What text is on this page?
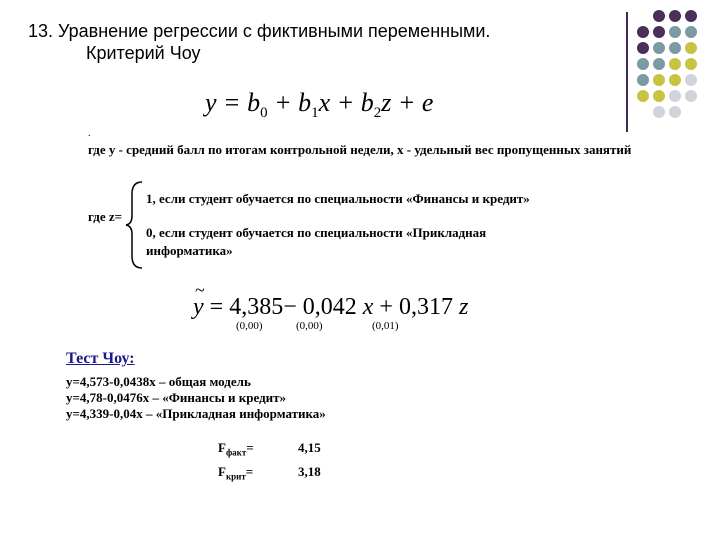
13. Уравнение регрессии с фиктивными переменными.
Критерий Чоу
$y = b_0 + b_1x + b_2z + e$
.
где y - средний балл по итогам контрольной недели, x - удельный вес пропущенных занятий
где z=
1, если студент обучается по специальности «Финансы и кредит»
0, если студент обучается по специальности «Прикладная информатика»
~
y = 4,385− 0,042 x + 0,317 z
(0,00)	(0,00)	(0,01)
Тест Чоу:
y=4,573-0,0438x – общая модель
y=4,78-0,0476x – «Финансы и кредит»
y=4,339-0,04x – «Прикладная информатика»
$F_{факт}=$	4,15
$F_{крит}=$	3,18
